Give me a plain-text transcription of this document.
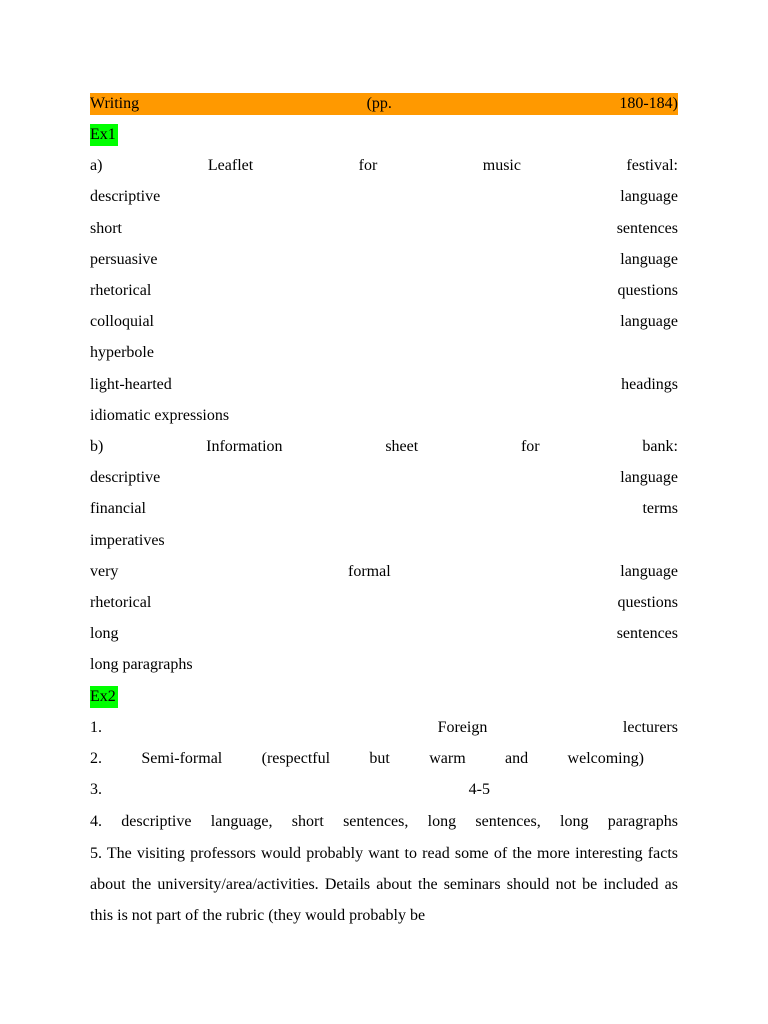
Writing	(pp.	180-184)
Ex1
a)	Leaflet	for	music	festival:
descriptive	language
short	sentences
persuasive	language
rhetorical	questions
colloquial	language
hyperbole
light-hearted	headings
idiomatic expressions
b)	Information	sheet	for	bank:
descriptive	language
financial	terms
imperatives
very	formal	language
rhetorical	questions
long	sentences
long paragraphs
Ex2
1.	Foreign	lecturers
2. Semi-formal (respectful but warm and welcoming)
3.	4-5
4. descriptive language, short sentences, long sentences, long paragraphs
5. The visiting professors would probably want to read some of the more interesting facts about the university/area/activities. Details about the seminars should not be included as this is not part of the rubric (they would probably be
